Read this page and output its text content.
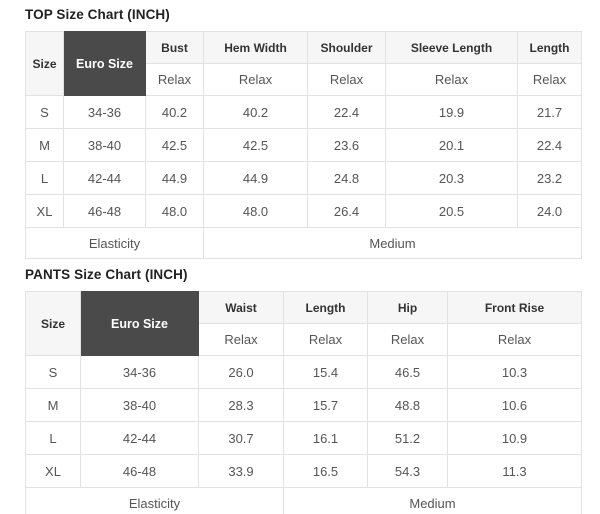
TOP Size Chart (INCH)
Size	Euro Size	Bust	Hem Width	Shoulder	Sleeve Length	Length
		Relax	Relax	Relax	Relax	Relax
S	34-36	40.2	40.2	22.4	19.9	21.7
M	38-40	42.5	42.5	23.6	20.1	22.4
L	42-44	44.9	44.9	24.8	20.3	23.2
XL	46-48	48.0	48.0	26.4	20.5	24.0
Elasticity			Medium			
PANTS Size Chart (INCH)
Size	Euro Size	Waist	Length	Hip	Front Rise
		Relax	Relax	Relax	Relax
S	34-36	26.0	15.4	46.5	10.3
M	38-40	28.3	15.7	48.8	10.6
L	42-44	30.7	16.1	51.2	10.9
XL	46-48	33.9	16.5	54.3	11.3
Elasticity			Medium		
